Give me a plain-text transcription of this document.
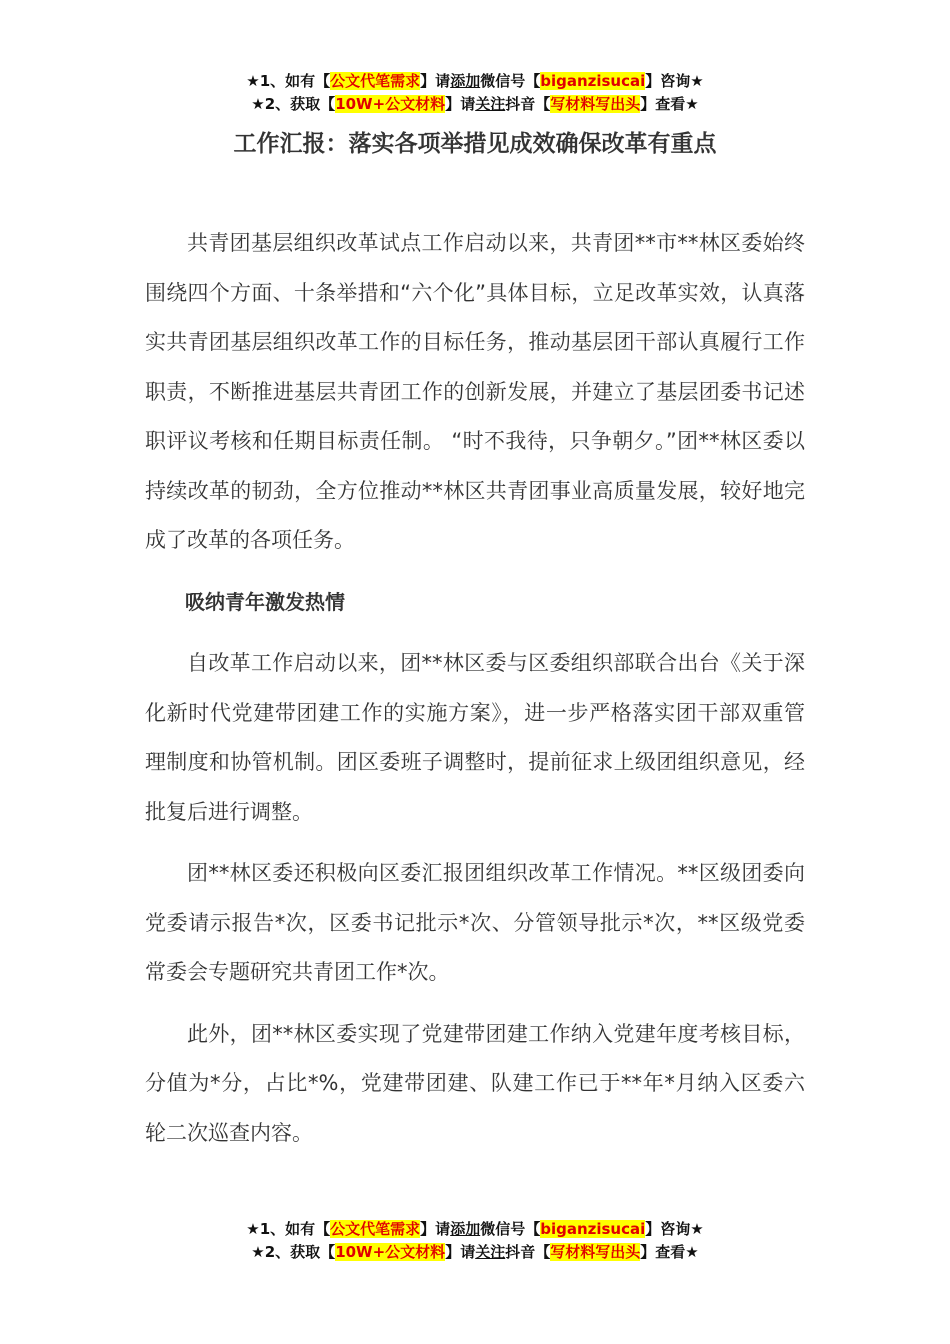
★1、如有【公文代笔需求】请添加微信号【biganzisucai】咨询★
★2、获取【10W+公文材料】请关注抖音【写材料写出头】查看★
工作汇报：落实各项举措见成效确保改革有重点

共青团基层组织改革试点工作启动以来，共青团**市**林区委始终围绕四个方面、十条举措和“六个化”具体目标，立足改革实效，认真落实共青团基层组织改革工作的目标任务，推动基层团干部认真履行工作职责，不断推进基层共青团工作的创新发展，并建立了基层团委书记述职评议考核和任期目标责任制。 “时不我待，只争朝夕。”团**林区委以持续改革的韧劲，全方位推动**林区共青团事业高质量发展，较好地完成了改革的各项任务。

吸纳青年激发热情

自改革工作启动以来，团**林区委与区委组织部联合出台《关于深化新时代党建带团建工作的实施方案》，进一步严格落实团干部双重管理制度和协管机制。团区委班子调整时，提前征求上级团组织意见，经批复后进行调整。

团**林区委还积极向区委汇报团组织改革工作情况。**区级团委向党委请示报告*次，区委书记批示*次、分管领导批示*次，**区级党委常委会专题研究共青团工作*次。

此外，团**林区委实现了党建带团建工作纳入党建年度考核目标，分值为*分，占比*%，党建带团建、队建工作已于**年*月纳入区委六轮二次巡查内容。

★1、如有【公文代笔需求】请添加微信号【biganzisucai】咨询★
★2、获取【10W+公文材料】请关注抖音【写材料写出头】查看★
